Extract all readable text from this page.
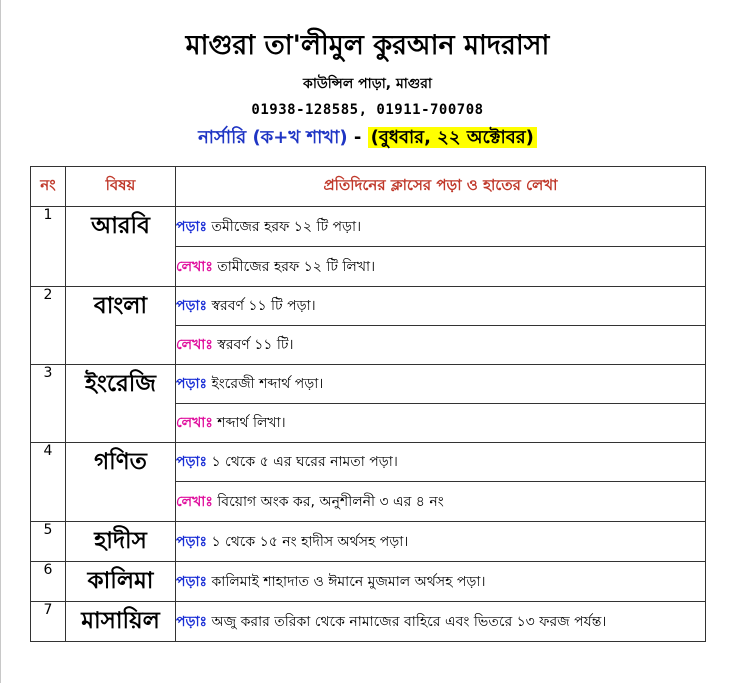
মাগুরা তা'লীমুল কুরআন মাদরাসা
কাউন্সিল পাড়া, মাগুরা
01938-128585, 01911-700708
নার্সারি (ক+খ শাখা) - (বুধবার, ২২ অক্টোবর)
নং	বিষয়	প্রতিদিনের ক্লাসের পড়া ও হাতের লেখা
1	আরবি	পড়াঃ তমীজের হরফ ১২ টি পড়া।
		লেখাঃ তামীজের হরফ ১২ টি লিখা।
2	বাংলা	পড়াঃ স্বরবর্ণ ১১ টি পড়া।
		লেখাঃ স্বরবর্ণ ১১ টি।
3	ইংরেজি	পড়াঃ ইংরেজী শব্দার্থ পড়া।
		লেখাঃ শব্দার্থ লিখা।
4	গণিত	পড়াঃ ১ থেকে ৫ এর ঘরের নামতা পড়া।
		লেখাঃ বিয়োগ অংক কর, অনুশীলনী ৩ এর ৪ নং
5	হাদীস	পড়াঃ ১ থেকে ১৫ নং হাদীস অর্থসহ পড়া।
6	কালিমা	পড়াঃ কালিমাই শাহাদাত ও ঈমানে মুজমাল অর্থসহ পড়া।
7	মাসায়িল	পড়াঃ অজু করার তরিকা থেকে নামাজের বাহিরে এবং ভিতরে ১৩ ফরজ পর্যন্ত।
